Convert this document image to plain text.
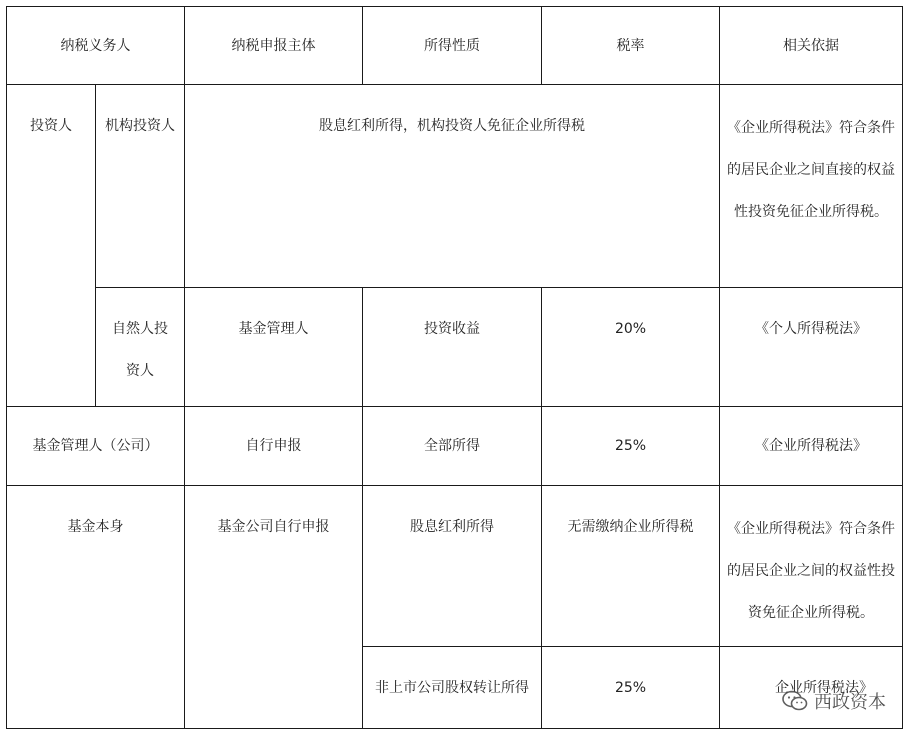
纳税义务人		纳税申报主体	所得性质	税率	相关依据
投资人	机构投资人	股息红利所得，机构投资人免征企业所得税			《企业所得税法》符合条件的居民企业之间直接的权益性投资免征企业所得税。
	自然人投资人	基金管理人	投资收益	20%	《个人所得税法》
基金管理人（公司）		自行申报	全部所得	25%	《企业所得税法》
基金本身		基金公司自行申报	股息红利所得	无需缴纳企业所得税	《企业所得税法》符合条件的居民企业之间的权益性投资免征企业所得税。
			非上市公司股权转让所得	25%	企业所得税法》
西政资本
